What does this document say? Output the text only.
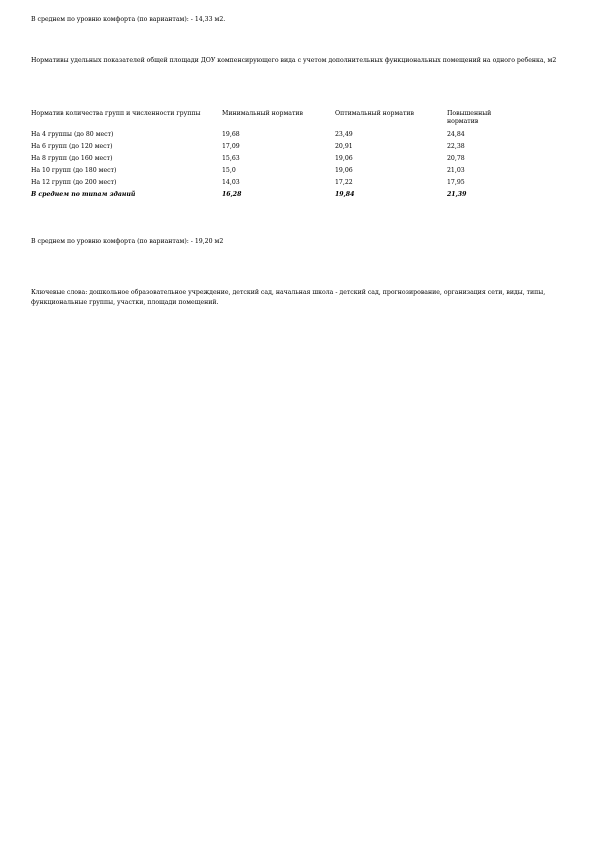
В среднем по уровню комфорта (по вариантам): - 14,33 м2.
Нормативы удельных показателей общей площади ДОУ компенсирующего вида с учетом дополнительных функциональных помещений на одного ребенка, м2
Норматив количества групп и численности группы	Минимальный норматив	Оптимальный норматив	Повышенный норматив
На 4 группы (до 80 мест)	19,68	23,49	24,84
На 6 групп (до 120 мест)	17,09	20,91	22,38
На 8 групп (до 160 мест)	15,63	19,06	20,78
На 10 групп (до 180 мест)	15,0	19,06	21,03
На 12 групп (до 200 мест)	14,03	17,22	17,95
В среднем по типам зданий	16,28	19,84	21,39
В среднем по уровню комфорта (по вариантам): - 19,20 м2
Ключевые слова: дошкольное образовательное учреждение, детский сад, начальная школа - детский сад, прогнозирование, организация сети, виды, типы, функциональные группы, участки, площади помещений.
